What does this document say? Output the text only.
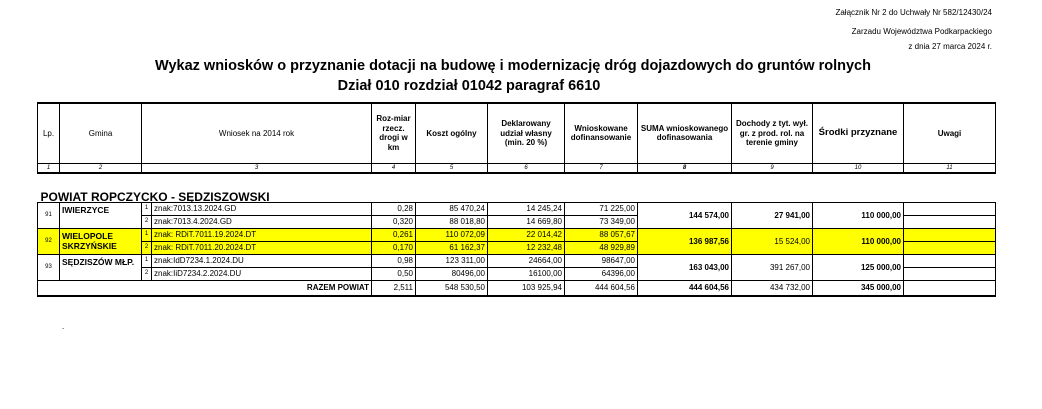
Załącznik Nr 2 do Uchwały Nr 582/12430/24
Zarzadu Województwa Podkarpackiego
z dnia 27 marca 2024 r.
Wykaz wniosków o przyznanie dotacji na budowę i modernizację dróg dojazdowych do gruntów rolnych
Dział 010 rozdział 01042 paragraf 6610
Lp.	Gmina	Wniosek na 2014 rok		Roz-miar rzecz. drogi w km	Koszt ogólny	Deklarowany udział własny (min. 20 %)	Wnioskowane dofinansowanie	SUMA wnioskowanego dofinasowania	Dochody z tyt. wył. gr. z prod. rol. na terenie gminy	Środki przyznane	Uwagi
1	2	3		4	5	6	7	8	9	10	11

POWIAT ROPCZYCKO - SĘDZISZOWSKI											
91	IWIERZYCE	1	znak:7013.13.2024.GD	0,28	85 470,24	14 245,24	71 225,00	144 574,00	27 941,00	110 000,00	
		2	znak:7013.4.2024.GD	0,320	88 018,80	14 669,80	73 349,00				
92	WIELOPOLE SKRZYŃSKIE	1	znak: RDiT.7011.19.2024.DT	0,261	110 072,09	22 014,42	88 057,67	136 987,56	15 524,00	110 000,00	
		2	znak: RDiT.7011.20.2024.DT	0,170	61 162,37	12 232,48	48 929,89				
93	SĘDZISZÓW MŁP.	1	znak:IdD7234.1.2024.DU	0,98	123 311,00	24664,00	98647,00	163 043,00	391 267,00	125 000,00	
		2	znak:IiD7234.2.2024.DU	0,50	80496,00	16100,00	64396,00				
RAZEM POWIAT				2,511	548 530,50	103 925,94	444 604,56	444 604,56	434 732,00	345 000,00	
.
